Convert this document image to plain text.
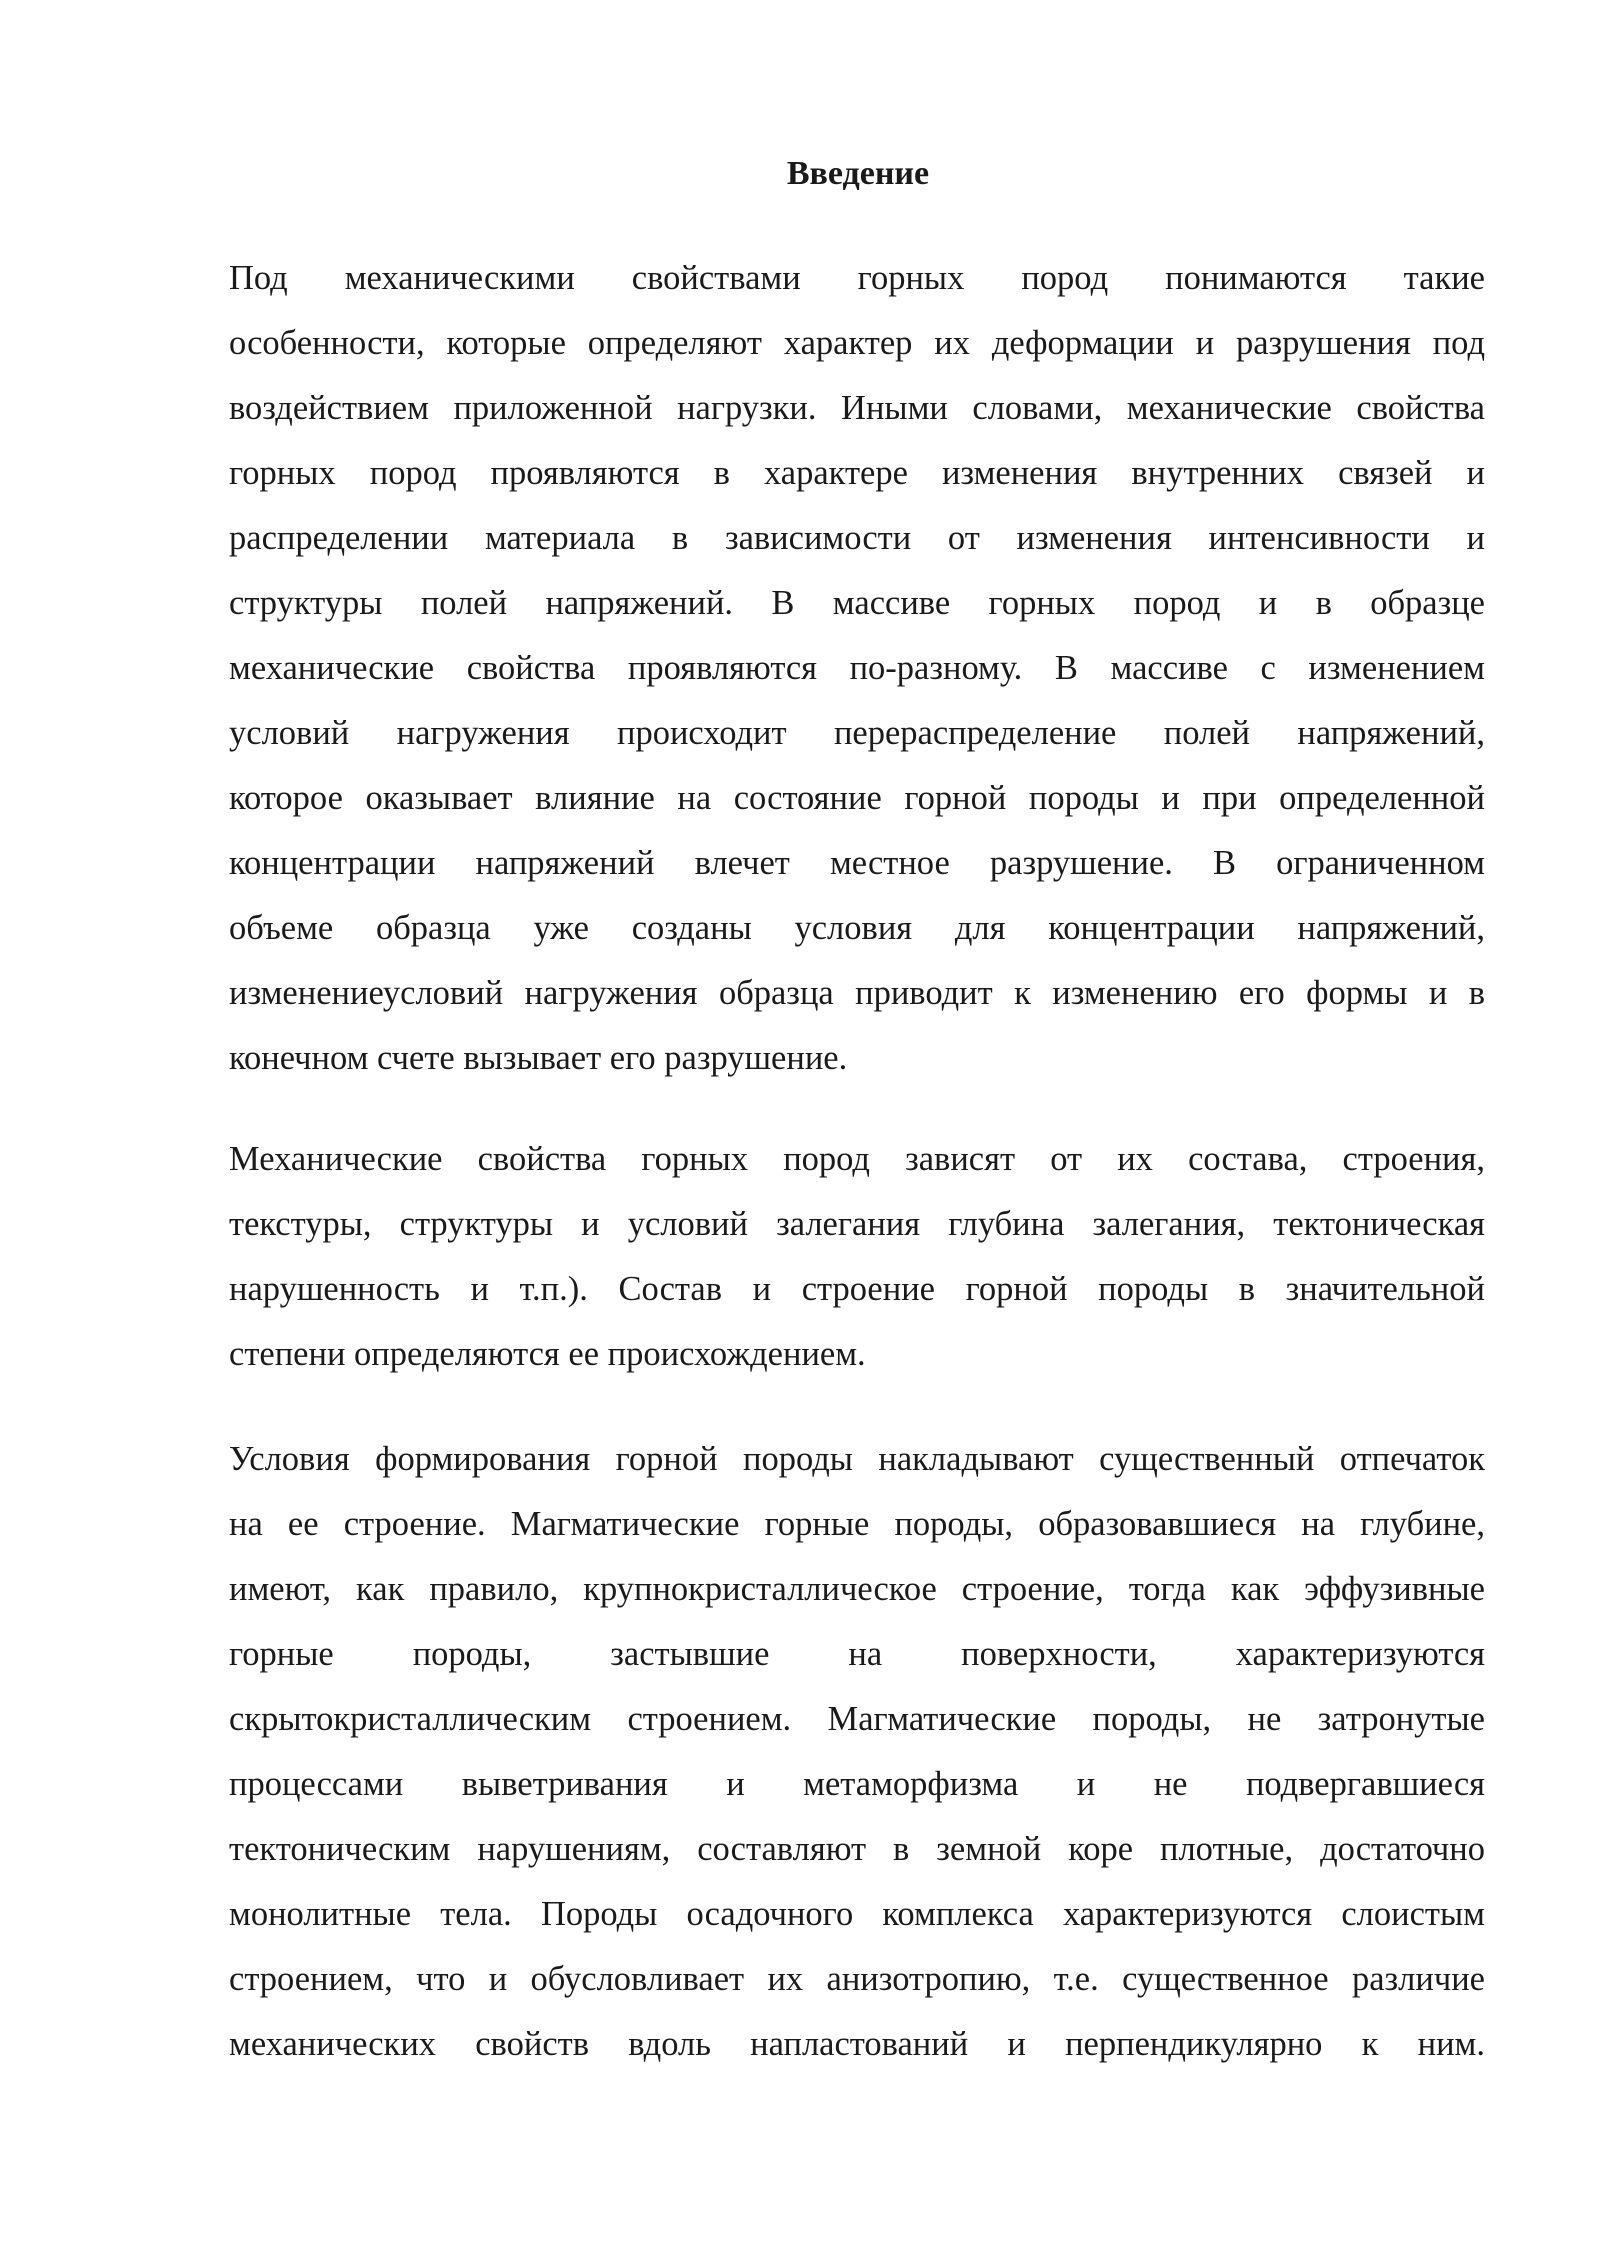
Введение

Под механическими свойствами горных пород понимаются такие
особенности, которые определяют характер их деформации и разрушения под
воздействием приложенной нагрузки. Иными словами, механические свойства
горных пород проявляются в характере изменения внутренних связей и
распределении материала в зависимости от изменения интенсивности и
структуры полей напряжений. В массиве горных пород и в образце
механические свойства проявляются по-разному. В массиве с изменением
условий нагружения происходит перераспределение полей напряжений,
которое оказывает влияние на состояние горной породы и при определенной
концентрации напряжений влечет местное разрушение. В ограниченном
объеме образца уже созданы условия для концентрации напряжений,
изменениеусловий нагружения образца приводит к изменению его формы и в
конечном счете вызывает его разрушение.

Механические свойства горных пород зависят от их состава, строения,
текстуры, структуры и условий залегания глубина залегания, тектоническая
нарушенность и т.п.). Состав и строение горной породы в значительной
степени определяются ее происхождением.

Условия формирования горной породы накладывают существенный отпечаток
на ее строение. Магматические горные породы, образовавшиеся на глубине,
имеют, как правило, крупнокристаллическое строение, тогда как эффузивные
горные породы, застывшие на поверхности, характеризуются
скрытокристаллическим строением. Магматические породы, не затронутые
процессами выветривания и метаморфизма и не подвергавшиеся
тектоническим нарушениям, составляют в земной коре плотные, достаточно
монолитные тела. Породы осадочного комплекса характеризуются слоистым
строением, что и обусловливает их анизотропию, т.е. существенное различие
механических свойств вдоль напластований и перпендикулярно к ним.
